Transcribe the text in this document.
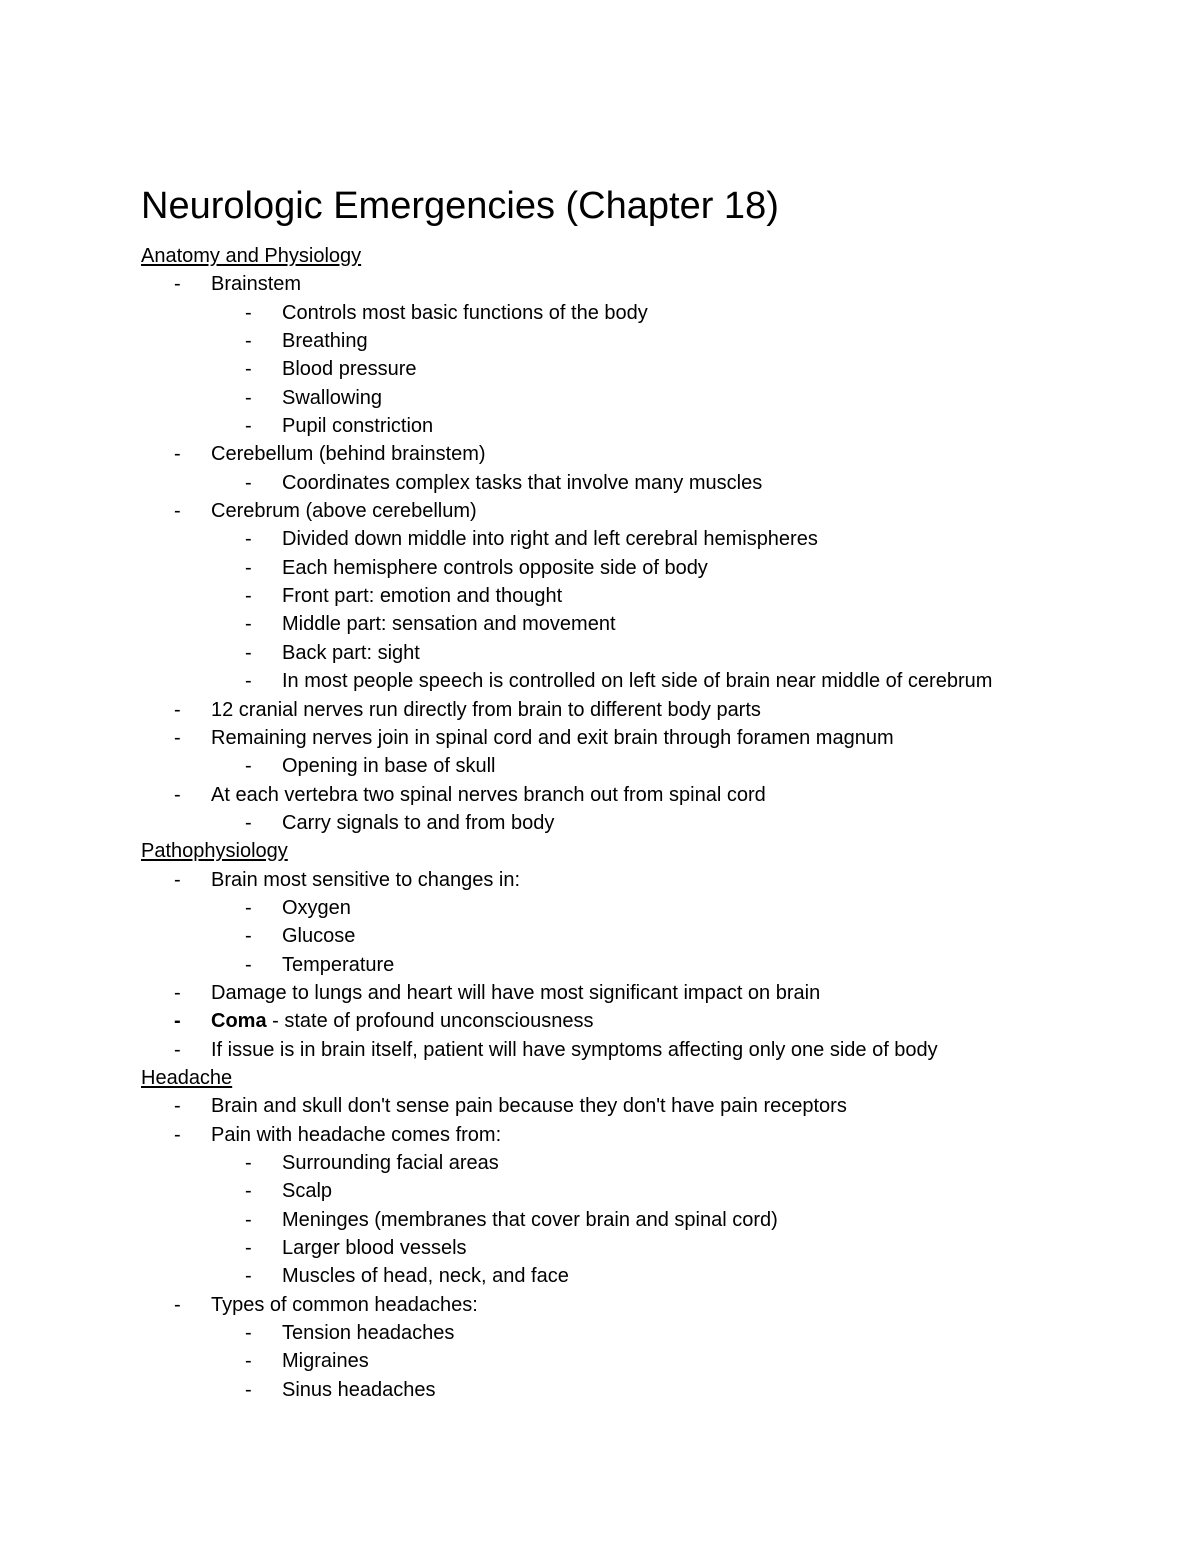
Neurologic Emergencies (Chapter 18)
Anatomy and Physiology
- Brainstem
- Controls most basic functions of the body
- Breathing
- Blood pressure
- Swallowing
- Pupil constriction
- Cerebellum (behind brainstem)
- Coordinates complex tasks that involve many muscles
- Cerebrum (above cerebellum)
- Divided down middle into right and left cerebral hemispheres
- Each hemisphere controls opposite side of body
- Front part: emotion and thought
- Middle part: sensation and movement
- Back part: sight
- In most people speech is controlled on left side of brain near middle of cerebrum
- 12 cranial nerves run directly from brain to different body parts
- Remaining nerves join in spinal cord and exit brain through foramen magnum
- Opening in base of skull
- At each vertebra two spinal nerves branch out from spinal cord
- Carry signals to and from body
Pathophysiology
- Brain most sensitive to changes in:
- Oxygen
- Glucose
- Temperature
- Damage to lungs and heart will have most significant impact on brain
- Coma - state of profound unconsciousness
- If issue is in brain itself, patient will have symptoms affecting only one side of body
Headache
- Brain and skull don't sense pain because they don't have pain receptors
- Pain with headache comes from:
- Surrounding facial areas
- Scalp
- Meninges (membranes that cover brain and spinal cord)
- Larger blood vessels
- Muscles of head, neck, and face
- Types of common headaches:
- Tension headaches
- Migraines
- Sinus headaches
